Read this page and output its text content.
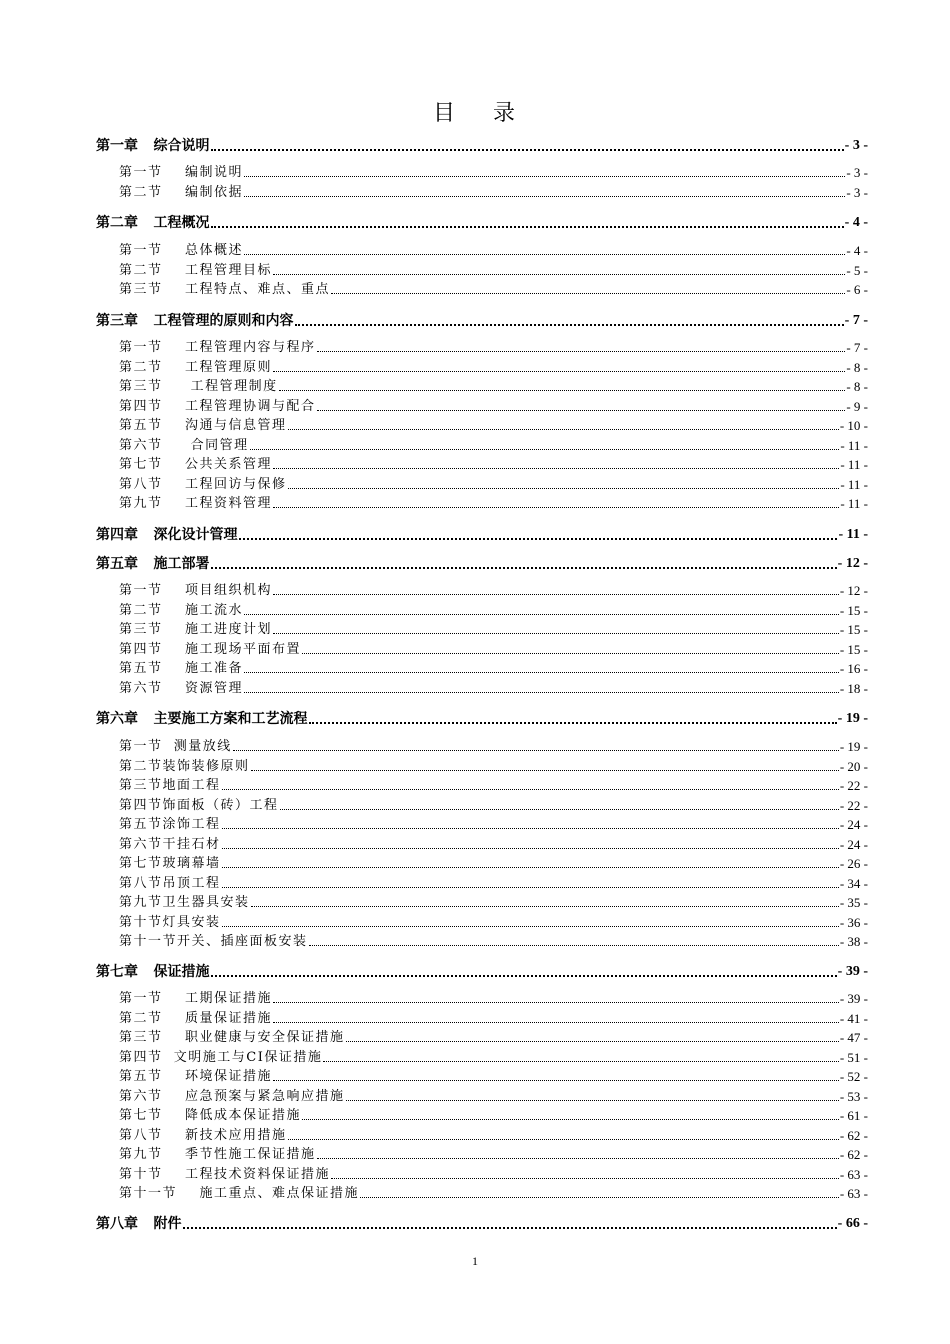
目    录
第一章    综合说明	- 3 -
第一节    编制说明	- 3 -
第二节    编制依据	- 3 -
第二章    工程概况	- 4 -
第一节    总体概述	- 4 -
第二节    工程管理目标	- 5 -
第三节    工程特点、难点、重点	- 6 -
第三章    工程管理的原则和内容	- 7 -
第一节    工程管理内容与程序	- 7 -
第二节    工程管理原则	- 8 -
第三节     工程管理制度	- 8 -
第四节    工程管理协调与配合	- 9 -
第五节    沟通与信息管理	- 10 -
第六节     合同管理	- 11 -
第七节    公共关系管理	- 11 -
第八节    工程回访与保修	- 11 -
第九节    工程资料管理	- 11 -
第四章    深化设计管理	- 11 -
第五章    施工部署	- 12 -
第一节    项目组织机构	- 12 -
第二节    施工流水	- 15 -
第三节    施工进度计划	- 15 -
第四节    施工现场平面布置	- 15 -
第五节    施工准备	- 16 -
第六节    资源管理	- 18 -
第六章    主要施工方案和工艺流程	- 19 -
第一节  测量放线	- 19 -
第二节装饰装修原则	- 20 -
第三节地面工程	- 22 -
第四节饰面板（砖）工程	- 22 -
第五节涂饰工程	- 24 -
第六节干挂石材	- 24 -
第七节玻璃幕墙	- 26 -
第八节吊顶工程	- 34 -
第九节卫生器具安装	- 35 -
第十节灯具安装	- 36 -
第十一节开关、插座面板安装	- 38 -
第七章    保证措施	- 39 -
第一节    工期保证措施	- 39 -
第二节    质量保证措施	- 41 -
第三节    职业健康与安全保证措施	- 47 -
第四节  文明施工与CI保证措施	- 51 -
第五节    环境保证措施	- 52 -
第六节    应急预案与紧急响应措施	- 53 -
第七节    降低成本保证措施	- 61 -
第八节    新技术应用措施	- 62 -
第九节    季节性施工保证措施	- 62 -
第十节    工程技术资料保证措施	- 63 -
第十一节    施工重点、难点保证措施	- 63 -
第八章    附件	- 66 -
1
